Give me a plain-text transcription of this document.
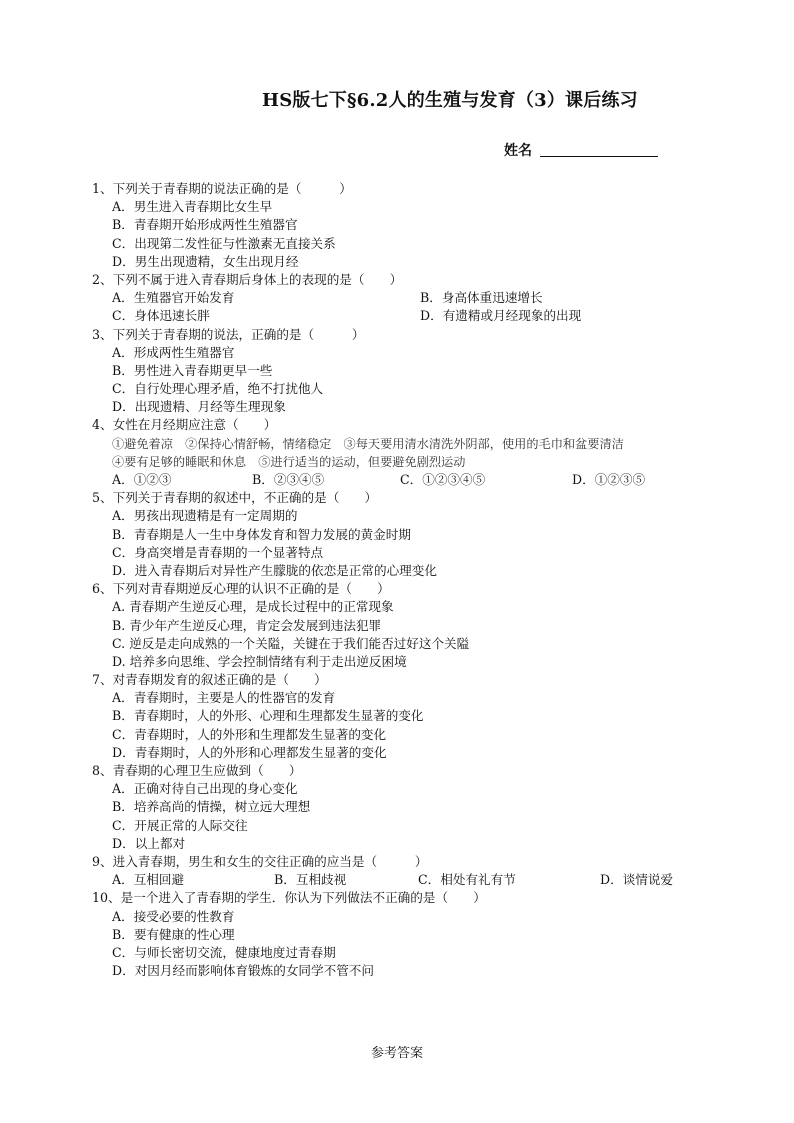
HS版七下§6.2人的生殖与发育（3）课后练习
姓名
1、下列关于青春期的说法正确的是（　　　）
A．男生进入青春期比女生早
B．青春期开始形成两性生殖器官
C．出现第二发性征与性激素无直接关系
D．男生出现遗精，女生出现月经
2、下列不属于进入青春期后身体上的表现的是（　　）
A．生殖器官开始发育	B．身高体重迅速增长
C．身体迅速长胖	D．有遗精或月经现象的出现
3、下列关于青春期的说法，正确的是（　　　）
A．形成两性生殖器官
B．男性进入青春期更早一些
C．自行处理心理矛盾，绝不打扰他人
D．出现遗精、月经等生理现象
4、女性在月经期应注意（　　）
①避免着凉　②保持心情舒畅，情绪稳定　③每天要用清水清洗外阴部，使用的毛巾和盆要清洁
④要有足够的睡眠和休息　⑤进行适当的运动，但要避免剧烈运动
A．①②③	B．②③④⑤	C．①②③④⑤	D．①②③⑤
5、下列关于青春期的叙述中，不正确的是（　　）
A．男孩出现遗精是有一定周期的
B．青春期是人一生中身体发育和智力发展的黄金时期
C．身高突增是青春期的一个显著特点
D．进入青春期后对异性产生朦胧的依恋是正常的心理变化
6、下列对青春期逆反心理的认识不正确的是（　　）
A. 青春期产生逆反心理，是成长过程中的正常现象
B. 青少年产生逆反心理，肯定会发展到违法犯罪
C. 逆反是走向成熟的一个关隘，关键在于我们能否过好这个关隘
D. 培养多向思维、学会控制情绪有利于走出逆反困境
7、对青春期发育的叙述正确的是（　　）
A．青春期时，主要是人的性器官的发育
B．青春期时，人的外形、心理和生理都发生显著的变化
C．青春期时，人的外形和生理都发生显著的变化
D．青春期时，人的外形和心理都发生显著的变化
8、青春期的心理卫生应做到（　　）
A．正确对待自己出现的身心变化
B．培养高尚的情操，树立远大理想
C．开展正常的人际交往
D．以上都对
9、进入青春期，男生和女生的交往正确的应当是（　　　）
A．互相回避	B．互相歧视	C．相处有礼有节	D．谈情说爱
10、是一个进入了青春期的学生．你认为下列做法不正确的是（　　）
A．接受必要的性教育
B．要有健康的性心理
C．与师长密切交流，健康地度过青春期
D．对因月经而影响体育锻炼的女同学不管不问
参考答案
